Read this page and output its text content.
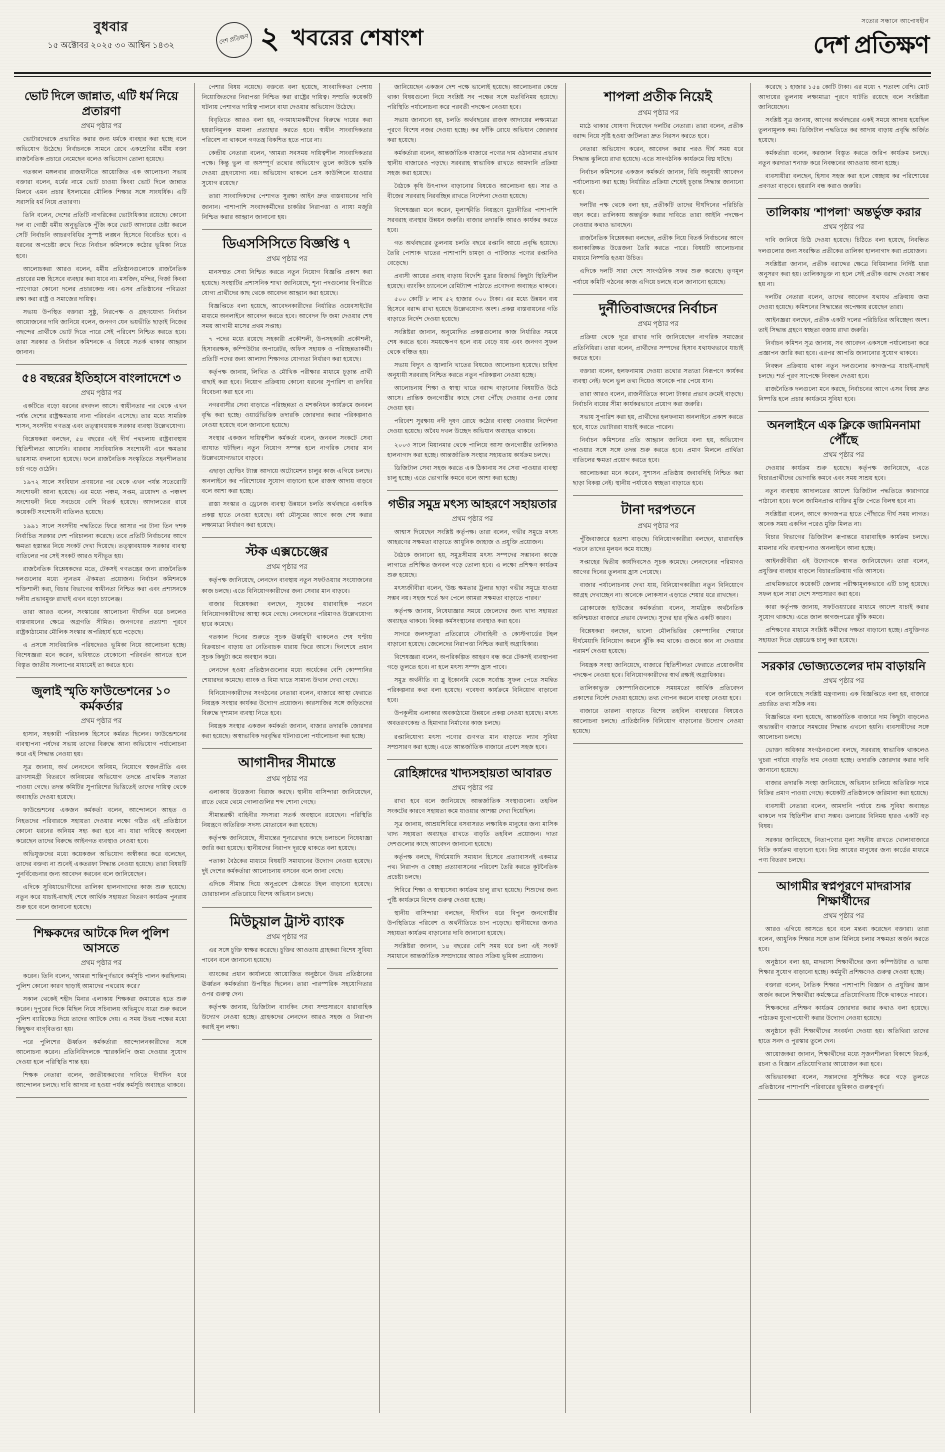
বুধবার
১৫ অক্টোবর ২০২৫ ৩০ আশ্বিন ১৪৩২	দেশ প্রতিক্ষণ ২ খবরের শেষাংশ
সত্যের সন্ধানে আপোষহীন
দেশ প্রতিক্ষণ
ভোট দিলে জান্নাত, এটি ধর্ম নিয়ে প্রতারণা
প্রথম পৃষ্ঠার পর

ভোটারদেরকে প্রভাবিত করার জন্য ধর্মকে ব্যবহার করা হচ্ছে বলে অভিযোগ উঠেছে। নির্বাচনকে সামনে রেখে একশ্রেণির ধর্মীয় বক্তা রাজনৈতিক প্রচারে নেমেছেন বলেও অভিযোগ তোলা হয়েছে।

গতকাল মঙ্গলবার রাজধানীতে আয়োজিত এক আলোচনা সভায় বক্তারা বলেন, ধর্মের নামে ভোট চাওয়া কিংবা ভোট দিলে জান্নাত মিলবে এমন প্রচার ইসলামের মৌলিক শিক্ষার সঙ্গে সাংঘর্ষিক। এটি সরাসরি ধর্ম নিয়ে প্রতারণা।

তিনি বলেন, দেশের প্রতিটি নাগরিকের ভোটাধিকার রয়েছে। কোনো দল বা গোষ্ঠী ধর্মীয় অনুভূতিকে পুঁজি করে ভোট আদায়ের চেষ্টা করলে সেটি নির্বাচনি আচরণবিধির সুস্পষ্ট লঙ্ঘন হিসেবে বিবেচিত হবে। এ ধরনের অপচেষ্টা রুখে দিতে নির্বাচন কমিশনকে কঠোর ভূমিকা নিতে হবে।

আলোচকরা আরও বলেন, ধর্মীয় প্রতিষ্ঠানগুলোকে রাজনৈতিক প্রচারের মঞ্চ হিসেবে ব্যবহার করা যাবে না। মসজিদ, মন্দির, গির্জা কিংবা প্যাগোডা কোনো দলের প্রচারকেন্দ্র নয়। এসব প্রতিষ্ঠানের পবিত্রতা রক্ষা করা রাষ্ট্র ও সমাজের দায়িত্ব।

সভায় উপস্থিত বক্তারা সুষ্ঠু, নিরপেক্ষ ও গ্রহণযোগ্য নির্বাচন আয়োজনের দাবি জানিয়ে বলেন, জনগণ যেন ভয়ভীতি ছাড়াই নিজের পছন্দের প্রার্থীকে ভোট দিতে পারে সেই পরিবেশ নিশ্চিত করতে হবে। তারা সরকার ও নির্বাচন কমিশনকে এ বিষয়ে সতর্ক থাকার আহ্বান জানান।

৫৪ বছরের ইতিহাসে বাংলাদেশে ৩
প্রথম পৃষ্ঠার পর

একটিতে বড়ো ধরনের রদবদল আসে। স্বাধীনতার পর থেকে এখন পর্যন্ত দেশের রাষ্ট্রক্ষমতায় নানা পরিবর্তন এসেছে। তার মধ্যে সামরিক শাসন, সংসদীয় গণতন্ত্র এবং তত্ত্বাবধায়ক সরকার ব্যবস্থা উল্লেখযোগ্য।

বিশ্লেষকরা বলছেন, ৫৪ বছরের এই দীর্ঘ পথচলায় রাষ্ট্রব্যবস্থায় স্থিতিশীলতা আসেনি। বারবার সাংবিধানিক সংশোধনী এনে ক্ষমতার ভারসাম্য বদলানো হয়েছে। ফলে রাজনৈতিক সংস্কৃতিতে সহনশীলতার চর্চা গড়ে ওঠেনি।

১৯৭২ সালে সংবিধান প্রণয়নের পর থেকে এখন পর্যন্ত সতেরোটি সংশোধনী আনা হয়েছে। এর মধ্যে পঞ্চম, সপ্তম, ত্রয়োদশ ও পঞ্চদশ সংশোধনী নিয়ে সবচেয়ে বেশি বিতর্ক হয়েছে। আদালতের রায়ে কয়েকটি সংশোধনী বাতিলও হয়েছে।

১৯৯১ সালে সংসদীয় পদ্ধতিতে ফিরে আসার পর টানা তিন দশক নির্বাচিত সরকার দেশ পরিচালনা করেছে। তবে প্রতিটি নির্বাচনের আগে ক্ষমতা হস্তান্তর নিয়ে সংকট দেখা দিয়েছে। তত্ত্বাবধায়ক সরকার ব্যবস্থা বাতিলের পর সেই সংকট আরও ঘনীভূত হয়।

রাজনৈতিক বিশ্লেষকদের মতে, টেকসই গণতন্ত্রের জন্য রাজনৈতিক দলগুলোর মধ্যে ন্যূনতম ঐকমত্য প্রয়োজন। নির্বাচন কমিশনকে শক্তিশালী করা, বিচার বিভাগের স্বাধীনতা নিশ্চিত করা এবং প্রশাসনকে দলীয় প্রভাবমুক্ত রাখাই এখন বড়ো চ্যালেঞ্জ।

তারা আরও বলেন, সংস্কারের আলোচনা দীর্ঘদিন ধরে চললেও বাস্তবায়নের ক্ষেত্রে অগ্রগতি সীমিত। জনগণের প্রত্যাশা পূরণে রাষ্ট্রকাঠামোর মৌলিক সংস্কার অপরিহার্য হয়ে পড়েছে।

এ প্রসঙ্গে সাংবিধানিক পরিষদেরও ভূমিকা নিয়ে আলোচনা হচ্ছে। বিশেষজ্ঞরা মনে করেন, ভবিষ্যতে যেকোনো পরিবর্তন আনতে হলে বিস্তৃত জাতীয় সংলাপের মাধ্যমেই তা করতে হবে।

জুলাই স্মৃতি ফাউন্ডেশনের ১০ কর্মকর্তার
প্রথম পৃষ্ঠার পর

হাসান, সহকারী পরিচালক হিসেবে কর্মরত ছিলেন। ফাউন্ডেশনের ব্যবস্থাপনা পর্ষদের সভায় তাদের বিরুদ্ধে আনা অভিযোগ পর্যালোচনা করে এই সিদ্ধান্ত নেওয়া হয়।

সূত্র জানায়, অর্থ লেনদেনে অনিয়ম, নিয়োগে স্বজনপ্রীতি এবং ত্রাণসামগ্রী বিতরণে অনিয়মের অভিযোগ তদন্তে প্রাথমিক সত্যতা পাওয়া গেছে। তদন্ত কমিটির সুপারিশের ভিত্তিতেই তাদের দায়িত্ব থেকে অব্যাহতি দেওয়া হয়েছে।

ফাউন্ডেশনের একজন কর্মকর্তা বলেন, আন্দোলনে আহত ও নিহতদের পরিবারকে সহায়তা দেওয়ার লক্ষ্যে গঠিত এই প্রতিষ্ঠানে কোনো ধরনের অনিয়ম সহ্য করা হবে না। যারা দায়িত্বে অবহেলা করেছেন তাদের বিরুদ্ধে আইনগত ব্যবস্থাও নেওয়া হবে।

অভিযুক্তদের মধ্যে কয়েকজন অভিযোগ অস্বীকার করে বলেছেন, তাদের বক্তব্য না শুনেই একতরফা সিদ্ধান্ত নেওয়া হয়েছে। তারা বিষয়টি পুনর্বিবেচনার জন্য আবেদন করবেন বলে জানিয়েছেন।

এদিকে সুবিধাভোগীদের তালিকা হালনাগাদের কাজ শুরু হয়েছে। নতুন করে যাচাই-বাছাই শেষে আর্থিক সহায়তা বিতরণ কার্যক্রম পুনরায় শুরু হবে বলে জানানো হয়েছে।

শিক্ষকদের আটকে দিল পুলিশ আসতে
প্রথম পৃষ্ঠার পর

করেন। তিনি বলেন, 'আমরা শান্তিপূর্ণভাবে কর্মসূচি পালন করছিলাম। পুলিশ কোনো কারণ ছাড়াই আমাদের পথরোধ করে।'

সকাল থেকেই শহীদ মিনার এলাকায় শিক্ষকরা জমায়েত হতে শুরু করেন। দুপুরের দিকে মিছিল নিয়ে সচিবালয় অভিমুখে যাত্রা শুরু করলে পুলিশ ব্যারিকেড দিয়ে তাদের আটকে দেয়। এ সময় উভয় পক্ষের মধ্যে কিছুক্ষণ বাগ্‌বিতণ্ডা হয়।

পরে পুলিশের ঊর্ধ্বতন কর্মকর্তারা আন্দোলনকারীদের সঙ্গে আলোচনা করেন। প্রতিনিধিদলকে স্মারকলিপি জমা দেওয়ার সুযোগ দেওয়া হলে পরিস্থিতি শান্ত হয়।

শিক্ষক নেতারা বলেন, জাতীয়করণের দাবিতে দীর্ঘদিন ধরে আন্দোলন চলছে। দাবি আদায় না হওয়া পর্যন্ত কর্মসূচি অব্যাহত থাকবে।

পেশার বিষয় নয়েছে। বক্তব্যে বলা হয়েছে, সাংবাদিকতা পেশায় নিয়োজিতদের নিরাপত্তা নিশ্চিত করা রাষ্ট্রের দায়িত্ব। সম্প্রতি কয়েকটি ঘটনায় পেশাগত দায়িত্ব পালনে বাধা দেওয়ার অভিযোগ উঠেছে।

বিবৃতিতে আরও বলা হয়, গণমাধ্যমকর্মীদের বিরুদ্ধে দায়ের করা হয়রানিমূলক মামলা প্রত্যাহার করতে হবে। স্বাধীন সাংবাদিকতার পরিবেশ না থাকলে গণতন্ত্র বিকশিত হতে পারে না।

কেন্দ্রীয় নেতারা বলেন, 'আমরা সবসময় দায়িত্বশীল সাংবাদিকতার পক্ষে। কিন্তু ভুল বা অসম্পূর্ণ তথ্যের অভিযোগ তুলে কাউকে হুমকি দেওয়া গ্রহণযোগ্য নয়। অভিযোগ থাকলে প্রেস কাউন্সিলে যাওয়ার সুযোগ রয়েছে।'

তারা সাংবাদিকদের পেশাগত সুরক্ষা আইন দ্রুত বাস্তবায়নের দাবি জানান। পাশাপাশি সংবাদকর্মীদের চাকরির নিরাপত্তা ও ন্যায্য মজুরি নিশ্চিত করার আহ্বান জানানো হয়।

ডিএসসিসিতে বিজ্ঞপ্তি ৭
প্রথম পৃষ্ঠার পর

মানসম্মত সেবা নিশ্চিত করতে নতুন নিয়োগ বিজ্ঞপ্তি প্রকাশ করা হয়েছে। সংস্থাটির প্রশাসনিক শাখা জানিয়েছে, শূন্য পদগুলোর বিপরীতে যোগ্য প্রার্থীদের কাছ থেকে আবেদন আহ্বান করা হয়েছে।

বিজ্ঞপ্তিতে বলা হয়েছে, আবেদনকারীদের নির্ধারিত ওয়েবসাইটের মাধ্যমে অনলাইনে আবেদন করতে হবে। আবেদন ফি জমা দেওয়ার শেষ সময় আগামী মাসের প্রথম সপ্তাহ।

৭ পদের মধ্যে রয়েছে সহকারী প্রকৌশলী, উপসহকারী প্রকৌশলী, হিসাবরক্ষক, কম্পিউটার অপারেটর, অফিস সহায়ক ও পরিচ্ছন্নতাকর্মী। প্রতিটি পদের জন্য আলাদা শিক্ষাগত যোগ্যতা নির্ধারণ করা হয়েছে।

কর্তৃপক্ষ জানায়, লিখিত ও মৌখিক পরীক্ষার মাধ্যমে চূড়ান্ত প্রার্থী বাছাই করা হবে। নিয়োগ প্রক্রিয়ায় কোনো ধরনের সুপারিশ বা তদবির বিবেচনা করা হবে না।

নগরবাসীর সেবা বাড়াতে পরিচ্ছন্নতা ও মশকনিধন কার্যক্রমে জনবল বৃদ্ধি করা হচ্ছে। ওয়ার্ডভিত্তিক তদারকি জোরদার করার পরিকল্পনাও নেওয়া হয়েছে বলে জানানো হয়েছে।

সংস্থার একজন দায়িত্বশীল কর্মকর্তা বলেন, জনবল সংকটে সেবা ব্যাঘাত ঘটছিল। নতুন নিয়োগ সম্পন্ন হলে নাগরিক সেবার মান উল্লেখযোগ্যভাবে বাড়বে।

এছাড়া হোল্ডিং ট্যাক্স আদায়ে অটোমেশন চালুর কাজ এগিয়ে চলছে। অনলাইনে কর পরিশোধের সুযোগ বাড়ানো হলে রাজস্ব আদায় বাড়বে বলে আশা করা হচ্ছে।

রাস্তা সংস্কার ও ড্রেনেজ ব্যবস্থা উন্নয়নে চলতি অর্থবছরে একাধিক প্রকল্প হাতে নেওয়া হয়েছে। বর্ষা মৌসুমের আগে কাজ শেষ করার লক্ষ্যমাত্রা নির্ধারণ করা হয়েছে।

স্টক এক্সচেঞ্জের
প্রথম পৃষ্ঠার পর

কর্তৃপক্ষ জানিয়েছে, লেনদেন ব্যবস্থায় নতুন সফটওয়্যার সংযোজনের কাজ চলছে। এতে বিনিয়োগকারীদের জন্য সেবার মান বাড়বে।

বাজার বিশ্লেষকরা বলছেন, সূচকের ধারাবাহিক পতনে বিনিয়োগকারীদের আস্থা কমে গেছে। লেনদেনের পরিমাণও উল্লেখযোগ্য হারে কমেছে।

গতকাল দিনের শুরুতে সূচক ঊর্ধ্বমুখী থাকলেও শেষ ঘণ্টায় বিক্রয়চাপ বাড়ায় তা নেতিবাচক ধারায় ফিরে আসে। দিনশেষে প্রধান সূচক কিছুটা কমে অবস্থান করে।

লেনদেন হওয়া প্রতিষ্ঠানগুলোর মধ্যে অর্ধেকের বেশি কোম্পানির শেয়ারদর কমেছে। ব্যাংক ও বিমা খাতে সামান্য উত্থান দেখা গেছে।

বিনিয়োগকারীদের সংগঠনের নেতারা বলেন, বাজারে আস্থা ফেরাতে নিয়ন্ত্রক সংস্থার কার্যকর উদ্যোগ প্রয়োজন। কারসাজির সঙ্গে জড়িতদের বিরুদ্ধে দৃশ্যমান ব্যবস্থা নিতে হবে।

নিয়ন্ত্রক সংস্থার একজন কর্মকর্তা জানান, বাজার তদারকি জোরদার করা হয়েছে। অস্বাভাবিক দরবৃদ্ধির ঘটনাগুলো পর্যালোচনা করা হচ্ছে।

আগানীদর সীমান্তে
প্রথম পৃষ্ঠার পর

এলাকায় উত্তেজনা বিরাজ করছে। স্থানীয় বাসিন্দারা জানিয়েছেন, রাতে থেমে থেমে গোলাগুলির শব্দ শোনা গেছে।

সীমান্তরক্ষী বাহিনীর সদস্যরা সতর্ক অবস্থানে রয়েছেন। পরিস্থিতি নিয়ন্ত্রণে অতিরিক্ত সদস্য মোতায়েন করা হয়েছে।

কর্তৃপক্ষ জানিয়েছে, সীমান্তের শূন্যরেখার কাছে চলাচলে নিষেধাজ্ঞা জারি করা হয়েছে। স্থানীয়দের নিরাপদ দূরত্বে থাকতে বলা হয়েছে।

পতাকা বৈঠকের মাধ্যমে বিষয়টি সমাধানের উদ্যোগ নেওয়া হয়েছে। দুই দেশের কর্মকর্তারা আলোচনায় বসবেন বলে জানা গেছে।

এদিকে সীমান্ত দিয়ে অনুপ্রবেশ ঠেকাতে টহল বাড়ানো হয়েছে। চোরাচালান প্রতিরোধে বিশেষ অভিযান চলছে।

মিউচুয়াল ট্রাস্ট ব্যাংক
প্রথম পৃষ্ঠার পর

এর সঙ্গে চুক্তি স্বাক্ষর করেছে। চুক্তির আওতায় গ্রাহকরা বিশেষ সুবিধা পাবেন বলে জানানো হয়েছে।

ব্যাংকের প্রধান কার্যালয়ে আয়োজিত অনুষ্ঠানে উভয় প্রতিষ্ঠানের ঊর্ধ্বতন কর্মকর্তারা উপস্থিত ছিলেন। তারা পারস্পরিক সহযোগিতার ওপর গুরুত্ব দেন।

কর্তৃপক্ষ জানায়, ডিজিটাল ব্যাংকিং সেবা সম্প্রসারণে ধারাবাহিক উদ্যোগ নেওয়া হচ্ছে। গ্রাহকদের লেনদেন আরও সহজ ও নিরাপদ করাই মূল লক্ষ্য।

জানিয়েছেন একজন দেশ পক্ষে ভালোই হয়েছে। আলোচনার কেন্দ্রে থাকা বিষয়গুলো নিয়ে সংশ্লিষ্ট সব পক্ষের সঙ্গে মতবিনিময় হয়েছে। পরিস্থিতি পর্যালোচনা করে পরবর্তী পদক্ষেপ নেওয়া হবে।

সভায় জানানো হয়, চলতি অর্থবছরের রাজস্ব আদায়ের লক্ষ্যমাত্রা পূরণে বিশেষ নজর দেওয়া হচ্ছে। কর ফাঁকি রোধে অভিযান জোরদার করা হয়েছে।

কর্মকর্তারা বলেন, আন্তর্জাতিক বাজারে পণ্যের দাম ওঠানামার প্রভাব স্থানীয় বাজারেও পড়ছে। সরবরাহ স্বাভাবিক রাখতে আমদানি প্রক্রিয়া সহজ করা হয়েছে।

বৈঠকে কৃষি উৎপাদন বাড়ানোর বিষয়েও আলোচনা হয়। সার ও বীজের সরবরাহ নিরবচ্ছিন্ন রাখতে নির্দেশনা দেওয়া হয়েছে।

বিশেষজ্ঞরা মনে করেন, মূল্যস্ফীতি নিয়ন্ত্রণে মুদ্রানীতির পাশাপাশি সরবরাহ ব্যবস্থার উন্নয়ন জরুরি। বাজার তদারকি আরও কার্যকর করতে হবে।

গত অর্থবছরের তুলনায় চলতি বছরে রপ্তানি আয়ে প্রবৃদ্ধি হয়েছে। তৈরি পোশাক খাতের পাশাপাশি চামড়া ও পাটজাত পণ্যের রপ্তানিও বেড়েছে।

প্রবাসী আয়ের প্রবাহ বাড়ায় বিদেশি মুদ্রার রিজার্ভ কিছুটা স্থিতিশীল হয়েছে। ব্যাংকিং চ্যানেলে রেমিট্যান্স পাঠাতে প্রণোদনা অব্যাহত থাকবে।

৫০০ কোটি ৮ লাখ ৫২ হাজার ৩০০ টাকা। এর মধ্যে উন্নয়ন ব্যয় হিসেবে বরাদ্দ রাখা হয়েছে উল্লেখযোগ্য অংশ। প্রকল্প বাস্তবায়নের গতি বাড়াতে নির্দেশ দেওয়া হয়েছে।

সংশ্লিষ্টরা জানান, অনুমোদিত প্রকল্পগুলোর কাজ নির্ধারিত সময়ে শেষ করতে হবে। সময়ক্ষেপণ হলে ব্যয় বেড়ে যায় এবং জনগণ সুফল থেকে বঞ্চিত হয়।

সভায় বিদ্যুৎ ও জ্বালানি খাতের বিষয়েও আলোচনা হয়েছে। চাহিদা অনুযায়ী সরবরাহ নিশ্চিত করতে নতুন পরিকল্পনা নেওয়া হচ্ছে।

আলোচনায় শিক্ষা ও স্বাস্থ্য খাতে বরাদ্দ বাড়ানোর বিষয়টিও উঠে আসে। প্রান্তিক জনগোষ্ঠীর কাছে সেবা পৌঁছে দেওয়ার ওপর জোর দেওয়া হয়।

পরিবেশ সুরক্ষায় নদী দূষণ রোধে কঠোর ব্যবস্থা নেওয়ার নির্দেশনা দেওয়া হয়েছে। অবৈধ দখল উচ্ছেদ অভিযান অব্যাহত থাকবে।

২০০৩ সালে মিয়ানমার থেকে পালিয়ে আসা জনগোষ্ঠীর তালিকাও হালনাগাদ করা হচ্ছে। আন্তর্জাতিক সংস্থার সহায়তায় কার্যক্রম চলছে।

ডিজিটাল সেবা সহজ করতে এক ঠিকানায় সব সেবা পাওয়ার ব্যবস্থা চালু হচ্ছে। এতে ভোগান্তি কমবে বলে আশা করা হচ্ছে।

গভীর সমুদ্র মৎস্য আহরণে সহায়তার
প্রথম পৃষ্ঠার পর

আশ্বাস দিয়েছেন সংশ্লিষ্ট কর্তৃপক্ষ। তারা বলেন, গভীর সমুদ্রে মৎস্য আহরণের সক্ষমতা বাড়াতে আধুনিক জাহাজ ও প্রযুক্তি প্রয়োজন।

বৈঠকে জানানো হয়, সমুদ্রসীমায় মৎস্য সম্পদের সম্ভাবনা কাজে লাগাতে প্রশিক্ষিত জনবল গড়ে তোলা হবে। এ লক্ষ্যে প্রশিক্ষণ কার্যক্রম শুরু হয়েছে।

মৎস্যজীবীরা বলেন, 'উচ্চ ক্ষমতার ট্রলার ছাড়া গভীর সমুদ্রে যাওয়া সম্ভব নয়। সহজ শর্তে ঋণ পেলে আমরা সক্ষমতা বাড়াতে পারব।'

কর্তৃপক্ষ জানায়, নিষেধাজ্ঞার সময়ে জেলেদের জন্য খাদ্য সহায়তা অব্যাহত থাকবে। বিকল্প কর্মসংস্থানের ব্যবস্থাও করা হবে।

সাগরে জলদস্যুতা প্রতিরোধে নৌবাহিনী ও কোস্টগার্ডের টহল বাড়ানো হয়েছে। জেলেদের নিরাপত্তা নিশ্চিত করাই অগ্রাধিকার।

বিশেষজ্ঞরা বলেন, অপরিকল্পিত আহরণ বন্ধ করে টেকসই ব্যবস্থাপনা গড়ে তুলতে হবে। না হলে মৎস্য সম্পদ হ্রাস পাবে।

সমুদ্র অর্থনীতি বা ব্লু ইকোনমি থেকে সর্বোচ্চ সুফল পেতে সমন্বিত পরিকল্পনার কথা বলা হয়েছে। গবেষণা কার্যক্রমে বিনিয়োগ বাড়ানো হবে।

উপকূলীয় এলাকার অবকাঠামো উন্নয়নে প্রকল্প নেওয়া হয়েছে। মৎস্য অবতরণকেন্দ্র ও হিমাগার নির্মাণের কাজ চলছে।

রপ্তানিযোগ্য মৎস্য পণ্যের গুণগত মান বাড়াতে ল্যাব সুবিধা সম্প্রসারণ করা হচ্ছে। এতে আন্তর্জাতিক বাজারে প্রবেশ সহজ হবে।

রোহিঙ্গাদের খাদ্যসহায়তা আবারত
প্রথম পৃষ্ঠার পর

রাখা হবে বলে জানিয়েছে আন্তর্জাতিক সংস্থাগুলো। তহবিল সংকটের কারণে সহায়তা কমে যাওয়ার আশঙ্কা দেখা দিয়েছিল।

সূত্র জানায়, আশ্রয়শিবিরে বসবাসরত লক্ষাধিক মানুষের জন্য মাসিক খাদ্য সহায়তা অব্যাহত রাখতে বাড়তি তহবিল প্রয়োজন। দাতা দেশগুলোর কাছে আবেদন জানানো হয়েছে।

কর্তৃপক্ষ বলছে, দীর্ঘমেয়াদি সমাধান হিসেবে প্রত্যাবাসনই একমাত্র পথ। নিরাপদ ও স্বেচ্ছা প্রত্যাবাসনের পরিবেশ তৈরি করতে কূটনৈতিক প্রচেষ্টা চলছে।

শিবিরে শিক্ষা ও স্বাস্থ্যসেবা কার্যক্রম চালু রাখা হয়েছে। শিশুদের জন্য পুষ্টি কার্যক্রমে বিশেষ গুরুত্ব দেওয়া হচ্ছে।

স্থানীয় বাসিন্দারা বলছেন, দীর্ঘদিন ধরে বিপুল জনগোষ্ঠীর উপস্থিতিতে পরিবেশ ও অর্থনীতিতে চাপ পড়েছে। স্থানীয়দের জন্যও সহায়তা কার্যক্রম বাড়ানোর দাবি জানানো হয়েছে।

সংশ্লিষ্টরা জানান, ১৪ বছরের বেশি সময় ধরে চলা এই সংকট সমাধানে আন্তর্জাতিক সম্প্রদায়ের আরও সক্রিয় ভূমিকা প্রয়োজন।

শাপলা প্রতীক নিয়েই
প্রথম পৃষ্ঠার পর

মাঠে থাকার ঘোষণা দিয়েছেন দলটির নেতারা। তারা বলেন, প্রতীক বরাদ্দ নিয়ে সৃষ্টি হওয়া জটিলতা দ্রুত নিরসন করতে হবে।

নেতারা অভিযোগ করেন, আবেদন করার পরও দীর্ঘ সময় ধরে সিদ্ধান্ত ঝুলিয়ে রাখা হয়েছে। এতে সাংগঠনিক কার্যক্রমে বিঘ্ন ঘটছে।

নির্বাচন কমিশনের একজন কর্মকর্তা জানান, বিধি অনুযায়ী আবেদন পর্যালোচনা করা হচ্ছে। নির্ধারিত প্রক্রিয়া শেষেই চূড়ান্ত সিদ্ধান্ত জানানো হবে।

দলটির পক্ষ থেকে বলা হয়, প্রতীকটি তাদের দীর্ঘদিনের পরিচিতি বহন করে। তালিকায় অন্তর্ভুক্ত করার দাবিতে তারা আইনি পদক্ষেপ নেওয়ার কথাও ভাবছেন।

রাজনৈতিক বিশ্লেষকরা বলছেন, প্রতীক নিয়ে বিতর্ক নির্বাচনের আগে অনাকাঙ্ক্ষিত উত্তেজনা তৈরি করতে পারে। বিষয়টি আলোচনার মাধ্যমে নিষ্পত্তি হওয়া উচিত।

এদিকে দলটি সারা দেশে সাংগঠনিক সফর শুরু করেছে। তৃণমূল পর্যায়ে কমিটি গঠনের কাজ এগিয়ে চলছে বলে জানানো হয়েছে।

দুর্নীতিবাজদের নির্বাচন
প্রথম পৃষ্ঠার পর

প্রক্রিয়া থেকে দূরে রাখার দাবি জানিয়েছেন নাগরিক সমাজের প্রতিনিধিরা। তারা বলেন, প্রার্থীদের সম্পদের হিসাব যথাযথভাবে যাচাই করতে হবে।

বক্তারা বলেন, হলফনামায় দেওয়া তথ্যের সত্যতা নিরূপণে কার্যকর ব্যবস্থা নেই। ফলে ভুল তথ্য দিয়েও অনেকে পার পেয়ে যান।

তারা আরও বলেন, রাজনীতিতে কালো টাকার প্রভাব ক্রমেই বাড়ছে। নির্বাচনি ব্যয়ের সীমা কার্যকরভাবে প্রয়োগ করা জরুরি।

সভায় সুপারিশ করা হয়, প্রার্থীদের হলফনামা অনলাইনে প্রকাশ করতে হবে, যাতে ভোটাররা যাচাই করতে পারেন।

নির্বাচন কমিশনের প্রতি আহ্বান জানিয়ে বলা হয়, অভিযোগ পাওয়ার সঙ্গে সঙ্গে তদন্ত শুরু করতে হবে। প্রমাণ মিললে প্রার্থিতা বাতিলের ক্ষমতা প্রয়োগ করতে হবে।

আলোচকরা মনে করেন, সুশাসন প্রতিষ্ঠায় জবাবদিহি নিশ্চিত করা ছাড়া বিকল্প নেই। স্থানীয় পর্যায়েও স্বচ্ছতা বাড়াতে হবে।

টানা দরপতনে
প্রথম পৃষ্ঠার পর

পুঁজিবাজারে হতাশা বাড়ছে। বিনিয়োগকারীরা বলছেন, ধারাবাহিক পতনে তাদের মূলধন কমে যাচ্ছে।

সপ্তাহের দ্বিতীয় কার্যদিবসেও সূচক কমেছে। লেনদেনের পরিমাণও আগের দিনের তুলনায় হ্রাস পেয়েছে।

বাজার পর্যালোচনায় দেখা যায়, বিনিয়োগকারীরা নতুন বিনিয়োগে আগ্রহ দেখাচ্ছেন না। অনেকে লোকসান এড়াতে শেয়ার ধরে রাখছেন।

ব্রোকারেজ হাউজের কর্মকর্তারা বলেন, সামগ্রিক অর্থনৈতিক অনিশ্চয়তা বাজারে প্রভাব ফেলছে। সুদের হার বৃদ্ধিও একটি কারণ।

বিশ্লেষকরা বলছেন, ভালো মৌলভিত্তির কোম্পানির শেয়ারে দীর্ঘমেয়াদি বিনিয়োগ করলে ঝুঁকি কম থাকে। গুজবে কান না দেওয়ার পরামর্শ দেওয়া হয়েছে।

নিয়ন্ত্রক সংস্থা জানিয়েছে, বাজারে স্থিতিশীলতা ফেরাতে প্রয়োজনীয় পদক্ষেপ নেওয়া হবে। বিনিয়োগকারীদের স্বার্থ রক্ষাই অগ্রাধিকার।

তালিকাভুক্ত কোম্পানিগুলোকে সময়মতো আর্থিক প্রতিবেদন প্রকাশের নির্দেশ দেওয়া হয়েছে। তথ্য গোপন করলে ব্যবস্থা নেওয়া হবে।

বাজারে তারল্য বাড়াতে বিশেষ তহবিল ব্যবহারের বিষয়েও আলোচনা চলছে। প্রাতিষ্ঠানিক বিনিয়োগ বাড়ানোর উদ্যোগ নেওয়া হয়েছে।

করেছে ১ হাজার ১৫৪ কোটি টাকা। এর মধ্যে ৭ শতাংশ বেশি। মোট আদায়ের তুলনায় লক্ষ্যমাত্রা পূরণে ঘাটতি রয়েছে বলে সংশ্লিষ্টরা জানিয়েছেন।

সংশ্লিষ্ট সূত্র জানায়, আগের অর্থবছরের একই সময়ে আদায় হয়েছিল তুলনামূলক কম। ডিজিটাল পদ্ধতিতে কর আদায় বাড়ায় প্রবৃদ্ধি অর্জিত হয়েছে।

কর্মকর্তারা বলেন, করজাল বিস্তৃত করতে জরিপ কার্যক্রম চলছে। নতুন করদাতা শনাক্ত করে নিবন্ধনের আওতায় আনা হচ্ছে।

ব্যবসায়ীরা বলছেন, হিসাব সহজ করা হলে স্বেচ্ছায় কর পরিশোধের প্রবণতা বাড়বে। হয়রানি বন্ধ করাও জরুরি।

তালিকায় 'শাপলা' অন্তর্ভুক্ত করার
প্রথম পৃষ্ঠার পর

দাবি জানিয়ে চিঠি দেওয়া হয়েছে। চিঠিতে বলা হয়েছে, নিবন্ধিত দলগুলোর জন্য সংরক্ষিত প্রতীকের তালিকা হালনাগাদ করা প্রয়োজন।

সংশ্লিষ্টরা জানান, প্রতীক বরাদ্দের ক্ষেত্রে বিধিমালার নির্দিষ্ট ধারা অনুসরণ করা হয়। তালিকাভুক্ত না হলে সেই প্রতীক বরাদ্দ দেওয়া সম্ভব হয় না।

দলটির নেতারা বলেন, তাদের আবেদন যথাযথ প্রক্রিয়ায় জমা দেওয়া হয়েছে। কমিশনের সিদ্ধান্তের অপেক্ষায় রয়েছেন তারা।

আইনজ্ঞরা বলছেন, প্রতীক একটি দলের পরিচিতির অবিচ্ছেদ্য অংশ। তাই সিদ্ধান্ত গ্রহণে স্বচ্ছতা বজায় রাখা জরুরি।

নির্বাচন কমিশন সূত্র জানায়, সব আবেদন একসঙ্গে পর্যালোচনা করে প্রজ্ঞাপন জারি করা হবে। এরপর আপত্তি জানানোর সুযোগ থাকবে।

নিবন্ধন প্রক্রিয়ায় থাকা নতুন দলগুলোর কাগজপত্র যাচাই-বাছাই চলছে। শর্ত পূরণ সাপেক্ষে নিবন্ধন দেওয়া হবে।

রাজনৈতিক দলগুলো মনে করছে, নির্বাচনের আগে এসব বিষয় দ্রুত নিষ্পত্তি হলে প্রচার কার্যক্রমে সুবিধা হবে।

অনলাইনে এক ক্লিকে জামিননামা পৌঁছে
প্রথম পৃষ্ঠার পর

দেওয়ার কার্যক্রম শুরু হয়েছে। কর্তৃপক্ষ জানিয়েছে, এতে বিচারপ্রার্থীদের ভোগান্তি কমবে এবং সময় সাশ্রয় হবে।

নতুন ব্যবস্থায় আদালতের আদেশ ডিজিটাল পদ্ধতিতে কারাগারে পাঠানো হবে। ফলে জামিনপ্রাপ্ত ব্যক্তির মুক্তি পেতে বিলম্ব হবে না।

সংশ্লিষ্টরা বলেন, আগে কাগজপত্র হাতে পৌঁছাতে দীর্ঘ সময় লাগত। অনেক সময় একদিন পরেও মুক্তি মিলত না।

বিচার বিভাগের ডিজিটাল রূপান্তরে ধারাবাহিক কার্যক্রম চলছে। মামলার নথি ব্যবস্থাপনাও অনলাইনে আনা হচ্ছে।

আইনজীবীরা এই উদ্যোগকে স্বাগত জানিয়েছেন। তারা বলেন, প্রযুক্তির ব্যবহার বাড়লে বিচারপ্রক্রিয়ায় গতি আসবে।

প্রাথমিকভাবে কয়েকটি জেলায় পরীক্ষামূলকভাবে এটি চালু হয়েছে। সফল হলে সারা দেশে সম্প্রসারণ করা হবে।

কারা কর্তৃপক্ষ জানায়, সফটওয়্যারের মাধ্যমে আদেশ যাচাই করার সুযোগ থাকছে। এতে জাল কাগজপত্রের ঝুঁকি কমবে।

প্রশিক্ষণের মাধ্যমে সংশ্লিষ্ট কর্মীদের দক্ষতা বাড়ানো হচ্ছে। প্রযুক্তিগত সহায়তা দিতে হেল্পডেস্ক চালু করা হয়েছে।

সরকার ভোজ্যতেলের দাম বাড়ায়নি
প্রথম পৃষ্ঠার পর

বলে জানিয়েছে সংশ্লিষ্ট মন্ত্রণালয়। এক বিজ্ঞপ্তিতে বলা হয়, বাজারে প্রচারিত তথ্য সঠিক নয়।

বিজ্ঞপ্তিতে বলা হয়েছে, আন্তর্জাতিক বাজারে দাম কিছুটা বাড়লেও অভ্যন্তরীণ বাজারে সমন্বয়ের সিদ্ধান্ত এখনো হয়নি। ব্যবসায়ীদের সঙ্গে আলোচনা চলছে।

ভোক্তা অধিকার সংগঠনগুলো বলছে, সরবরাহ স্বাভাবিক থাকলেও খুচরা পর্যায়ে বাড়তি দাম নেওয়া হচ্ছে। তদারকি জোরদার করার দাবি জানানো হয়েছে।

বাজার তদারকি সংস্থা জানিয়েছে, অভিযান চালিয়ে অতিরিক্ত দামে বিক্রির প্রমাণ পাওয়া গেছে। কয়েকটি প্রতিষ্ঠানকে জরিমানা করা হয়েছে।

ব্যবসায়ী নেতারা বলেন, আমদানি পর্যায়ে শুল্ক সুবিধা অব্যাহত থাকলে দাম স্থিতিশীল রাখা সম্ভব। ডলারের বিনিময় হারও একটি বড় বিষয়।

সরকার জানিয়েছে, নিত্যপণ্যের মূল্য সহনীয় রাখতে খোলাবাজারে বিক্রি কার্যক্রম বাড়ানো হবে। নিম্ন আয়ের মানুষের জন্য কার্ডের মাধ্যমে পণ্য বিতরণ চলছে।

আগামীর স্বপ্নপূরণে মাদরাসার শিক্ষার্থীদের
প্রথম পৃষ্ঠার পর

আরও এগিয়ে আসতে হবে বলে মন্তব্য করেছেন বক্তারা। তারা বলেন, আধুনিক শিক্ষার সঙ্গে তাল মিলিয়ে চলার সক্ষমতা অর্জন করতে হবে।

অনুষ্ঠানে বলা হয়, মাদরাসা শিক্ষার্থীদের জন্য কম্পিউটার ও ভাষা শিক্ষার সুযোগ বাড়ানো হচ্ছে। কর্মমুখী প্রশিক্ষণেও গুরুত্ব দেওয়া হচ্ছে।

বক্তারা বলেন, নৈতিক শিক্ষার পাশাপাশি বিজ্ঞান ও প্রযুক্তির জ্ঞান অর্জন করলে শিক্ষার্থীরা কর্মক্ষেত্রে প্রতিযোগিতায় টিকে থাকতে পারবে।

শিক্ষকদের প্রশিক্ষণ কার্যক্রম জোরদার করার কথাও বলা হয়েছে। পাঠ্যক্রম যুগোপযোগী করার উদ্যোগ নেওয়া হয়েছে।

অনুষ্ঠানে কৃতী শিক্ষার্থীদের সংবর্ধনা দেওয়া হয়। অতিথিরা তাদের হাতে সনদ ও পুরস্কার তুলে দেন।

আয়োজকরা জানান, শিক্ষার্থীদের মধ্যে সৃজনশীলতা বিকাশে বিতর্ক, রচনা ও বিজ্ঞান প্রতিযোগিতার আয়োজন করা হবে।

অভিভাবকরা বলেন, সন্তানদের সুশিক্ষিত করে গড়ে তুলতে প্রতিষ্ঠানের পাশাপাশি পরিবারের ভূমিকাও গুরুত্বপূর্ণ।
